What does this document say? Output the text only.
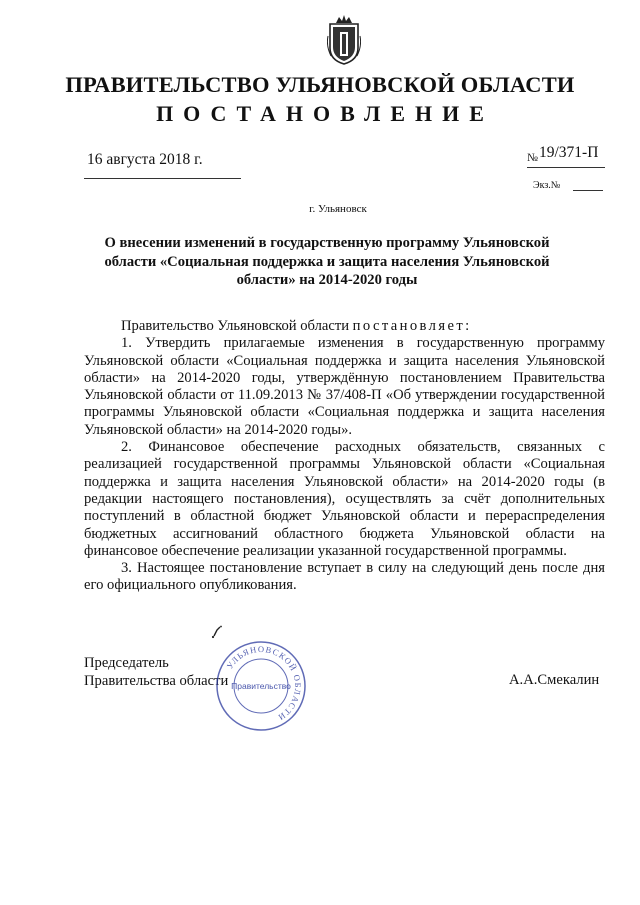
ПРАВИТЕЛЬСТВО УЛЬЯНОВСКОЙ ОБЛАСТИ
ПОСТАНОВЛЕНИЕ
16 августа 2018 г.	№ 19/371-П
Экз.№
г. Ульяновск
О внесении изменений в государственную программу Ульяновской области «Социальная поддержка и защита населения Ульяновской области» на 2014-2020 годы

Правительство Ульяновской области постановляет:

1. Утвердить прилагаемые изменения в государственную программу Ульяновской области «Социальная поддержка и защита населения Ульяновской области» на 2014-2020 годы, утверждённую постановлением Правительства Ульяновской области от 11.09.2013 № 37/408-П «Об утверждении государственной программы Ульяновской области «Социальная поддержка и защита населения Ульяновской области» на 2014-2020 годы».

2. Финансовое обеспечение расходных обязательств, связанных с реализацией государственной программы Ульяновской области «Социальная поддержка и защита населения Ульяновской области» на 2014-2020 годы (в редакции настоящего постановления), осуществлять за счёт дополнительных поступлений в областной бюджет Ульяновской области и перераспределения бюджетных ассигнований областного бюджета Ульяновской области на финансовое обеспечение реализации указанной государственной программы.

3. Настоящее постановление вступает в силу на следующий день после дня его официального опубликования.

Председатель
Правительства области
УЛЬЯНОВСКОЙ ОБЛАСТИ
Правительство	А.А.Смекалин
